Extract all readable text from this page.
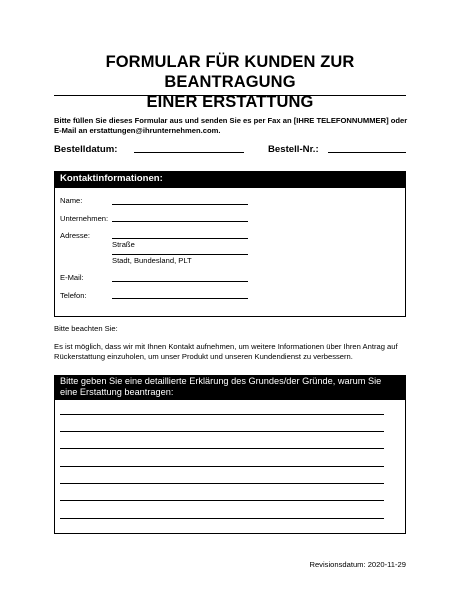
FORMULAR FÜR KUNDEN ZUR BEANTRAGUNG
EINER ERSTATTUNG
Bitte füllen Sie dieses Formular aus und senden Sie es per Fax an [IHRE TELEFONNUMMER] oder
E-Mail an erstattungen@ihrunternehmen.com.
Bestelldatum:	Bestell-Nr.:
Kontaktinformationen:
Name:
Unternehmen:
Adresse:
Straße
Stadt, Bundesland, PLT
E-Mail:
Telefon:
Bitte beachten Sie:
Es ist möglich, dass wir mit Ihnen Kontakt aufnehmen, um weitere Informationen über Ihren Antrag auf
Rückerstattung einzuholen, um unser Produkt und unseren Kundendienst zu verbessern.
Bitte geben Sie eine detaillierte Erklärung des Grundes/der Gründe, warum Sie eine Erstattung beantragen:
Revisionsdatum: 2020-11-29
